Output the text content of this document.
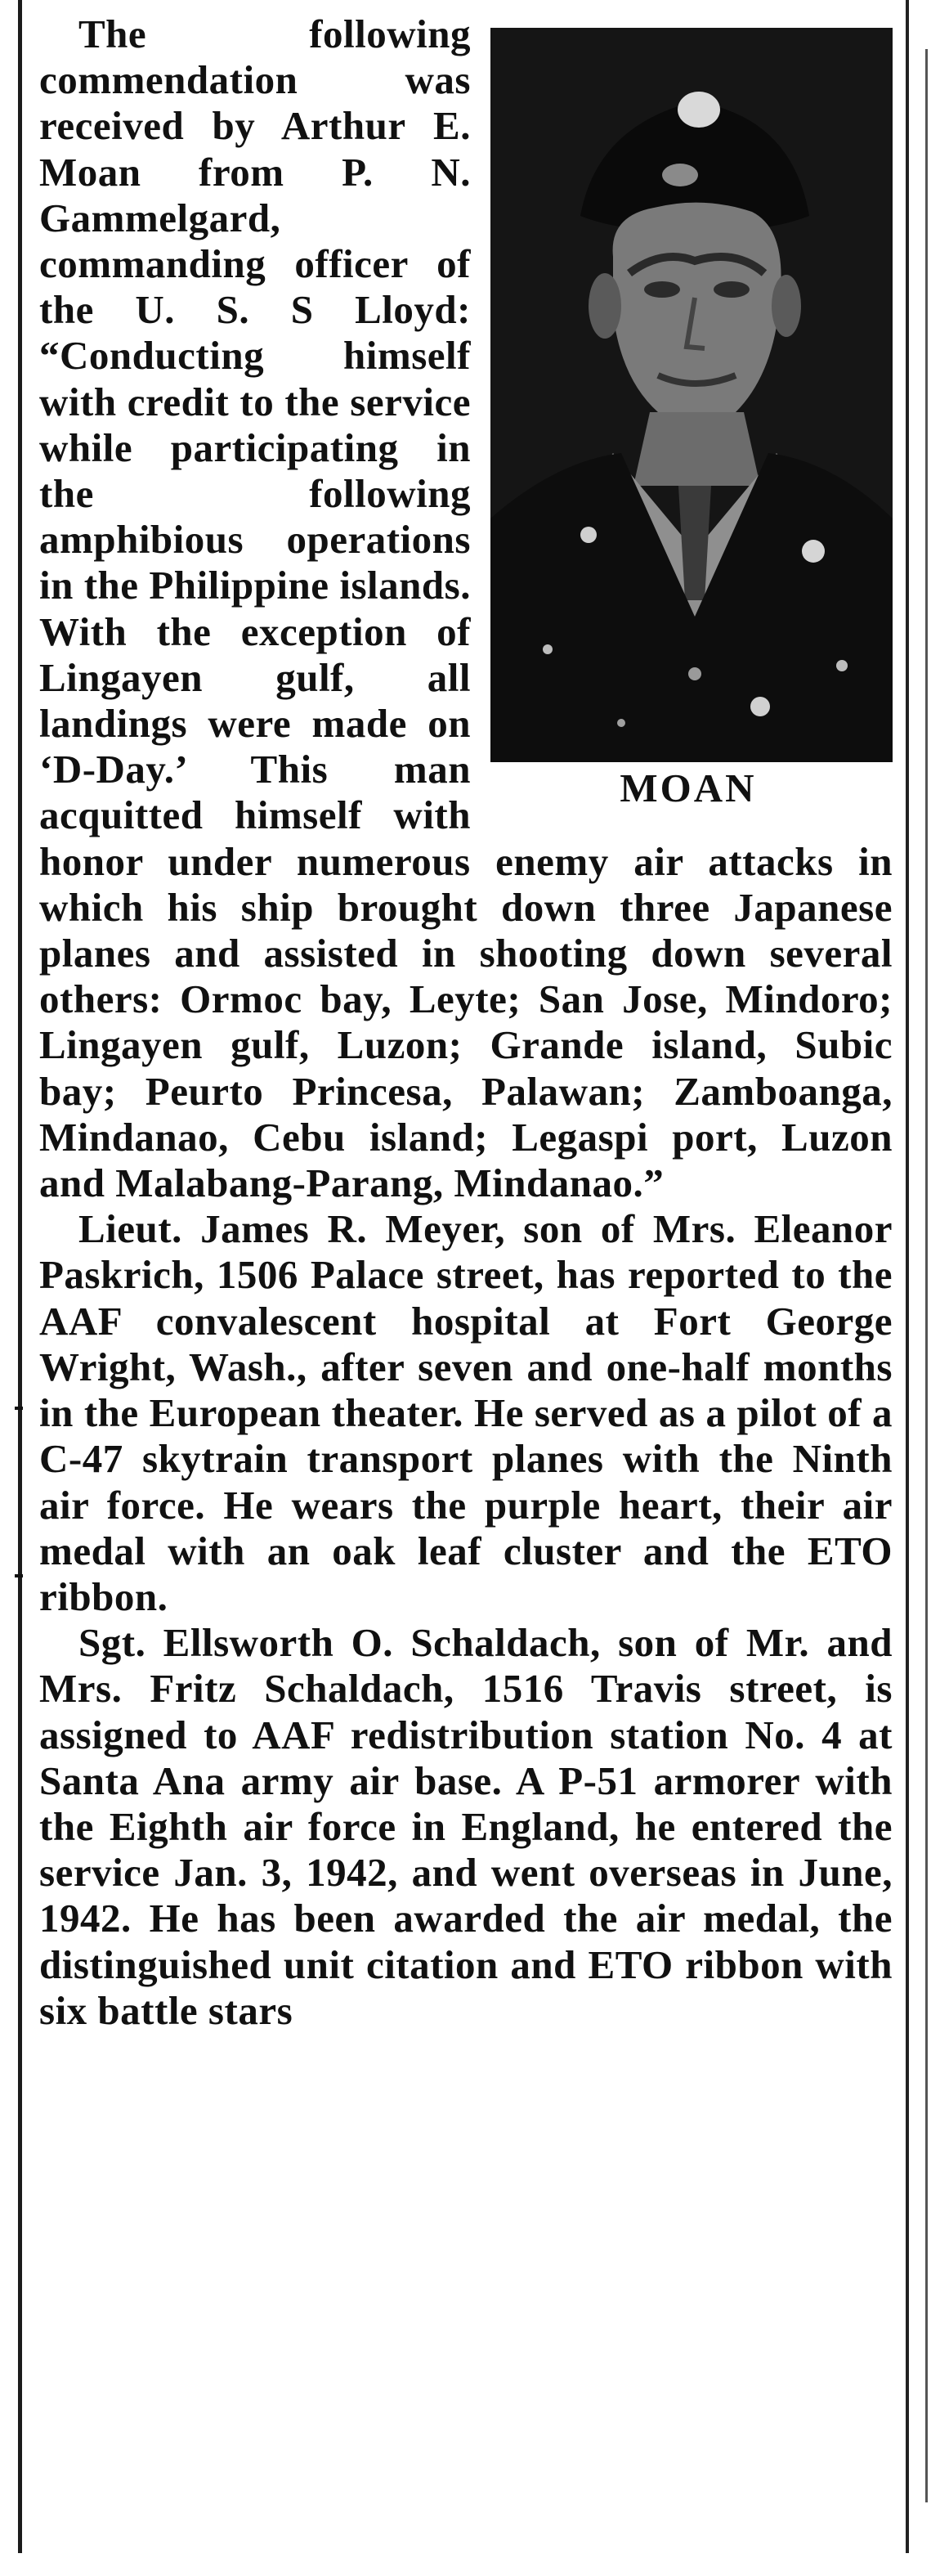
MOAN

The following commendation was received by Arthur E. Moan from P. N. Gammelgard, commanding officer of the U. S. S Lloyd: “Conducting himself with credit to the service while participating in the following amphibious operations in the Philippine islands. With the exception of Lingayen gulf, all landings were made on ‘D-Day.’ This man acquitted himself with honor under numerous enemy air attacks in which his ship brought down three Japanese planes and assisted in shooting down several others: Ormoc bay, Leyte; San Jose, Mindoro; Lingayen gulf, Luzon; Grande island, Subic bay; Peurto Princesa, Palawan; Zamboanga, Mindanao, Cebu island; Legaspi port, Luzon and Malabang-Parang, Mindanao.”

Lieut. James R. Meyer, son of Mrs. Eleanor Paskrich, 1506 Palace street, has reported to the AAF convalescent hospital at Fort George Wright, Wash., after seven and one-half months in the European theater. He served as a pilot of a C-47 skytrain transport planes with the Ninth air force. He wears the purple heart, their air medal with an oak leaf cluster and the ETO ribbon.

Sgt. Ellsworth O. Schaldach, son of Mr. and Mrs. Fritz Schaldach, 1516 Travis street, is assigned to AAF redistribution station No. 4 at Santa Ana army air base. A P-51 armorer with the Eighth air force in England, he entered the service Jan. 3, 1942, and went overseas in June, 1942. He has been awarded the air medal, the distinguished unit citation and ETO ribbon with six battle stars
